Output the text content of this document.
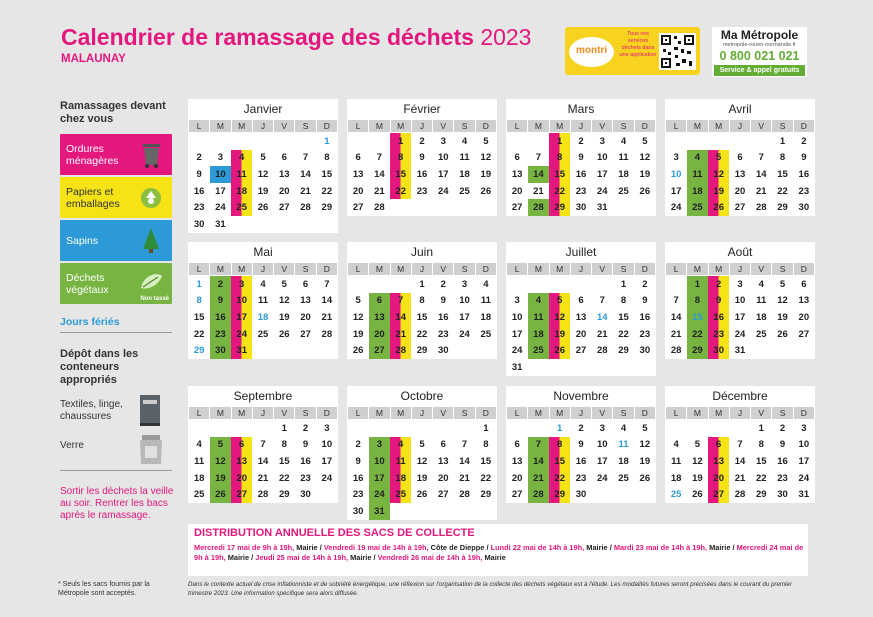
Calendrier de ramassage des déchets 2023
MALAUNAY
montri
Tous vos services déchets dans une application
Ma Métropole
metropole-rouen-normandie.fr
0 800 021 021
Service & appel gratuits
Ramassages devant chez vous
Ordures ménagères
Papiers et emballages
Sapins
Déchets végétaux
Non tassé
Jours fériés
Dépôt dans les conteneurs appropriés
Textiles, linge, chaussures
Verre
Sortir les déchets la veille au soir. Rentrer les bacs après le ramassage.
* Seuls les sacs fournis par la Métropole sont acceptés.
Janvier
L	M	M	J	V	S	D
						1
2	3	4	5	6	7	8
9	10	11	12	13	14	15
16	17	18	19	20	21	22
23	24	25	26	27	28	29
30	31					
Février
L	M	M	J	V	S	D
		1	2	3	4	5
6	7	8	9	10	11	12
13	14	15	16	17	18	19
20	21	22	23	24	25	26
27	28					
Mars
L	M	M	J	V	S	D
		1	2	3	4	5
6	7	8	9	10	11	12
13	14	15	16	17	18	19
20	21	22	23	24	25	26
27	28	29	30	31		
Avril
L	M	M	J	V	S	D
					1	2
3	4	5	6	7	8	9
10	11	12	13	14	15	16
17	18	19	20	21	22	23
24	25	26	27	28	29	30
Mai
L	M	M	J	V	S	D
1	2	3	4	5	6	7
8	9	10	11	12	13	14
15	16	17	18	19	20	21
22	23	24	25	26	27	28
29	30	31				
Juin
L	M	M	J	V	S	D
			1	2	3	4
5	6	7	8	9	10	11
12	13	14	15	16	17	18
19	20	21	22	23	24	25
26	27	28	29	30		
Juillet
L	M	M	J	V	S	D
					1	2
3	4	5	6	7	8	9
10	11	12	13	14	15	16
17	18	19	20	21	22	23
24	25	26	27	28	29	30
31						
Août
L	M	M	J	V	S	D
	1	2	3	4	5	6
7	8	9	10	11	12	13
14	15	16	17	18	19	20
21	22	23	24	25	26	27
28	29	30	31			
Septembre
L	M	M	J	V	S	D
				1	2	3
4	5	6	7	8	9	10
11	12	13	14	15	16	17
18	19	20	21	22	23	24
25	26	27	28	29	30	
Octobre
L	M	M	J	V	S	D
						1
2	3	4	5	6	7	8
9	10	11	12	13	14	15
16	17	18	19	20	21	22
23	24	25	26	27	28	29
30	31					
Novembre
L	M	M	J	V	S	D
		1	2	3	4	5
6	7	8	9	10	11	12
13	14	15	16	17	18	19
20	21	22	23	24	25	26
27	28	29	30			
Décembre
L	M	M	J	V	S	D
				1	2	3
4	5	6	7	8	9	10
11	12	13	14	15	16	17
18	19	20	21	22	23	24
25	26	27	28	29	30	31
DISTRIBUTION ANNUELLE DES SACS DE COLLECTE
Mercredi 17 mai de 9h à 19h, Mairie / Vendredi 19 mai de 14h à 19h, Côte de Dieppe / Lundi 22 mai de 14h à 19h, Mairie / Mardi 23 mai de 14h à 19h, Mairie / Mercredi 24 mai de 9h à 19h, Mairie / Jeudi 25 mai de 14h à 19h, Mairie / Vendredi 26 mai de 14h à 19h, Mairie
Dans le contexte actuel de crise inflationniste et de sobriété énergétique, une réflexion sur l'organisation de la collecte des déchets végétaux est à l'étude. Les modalités futures seront précisées dans le courant du premier trimestre 2023. Une information spécifique sera alors diffusée.
